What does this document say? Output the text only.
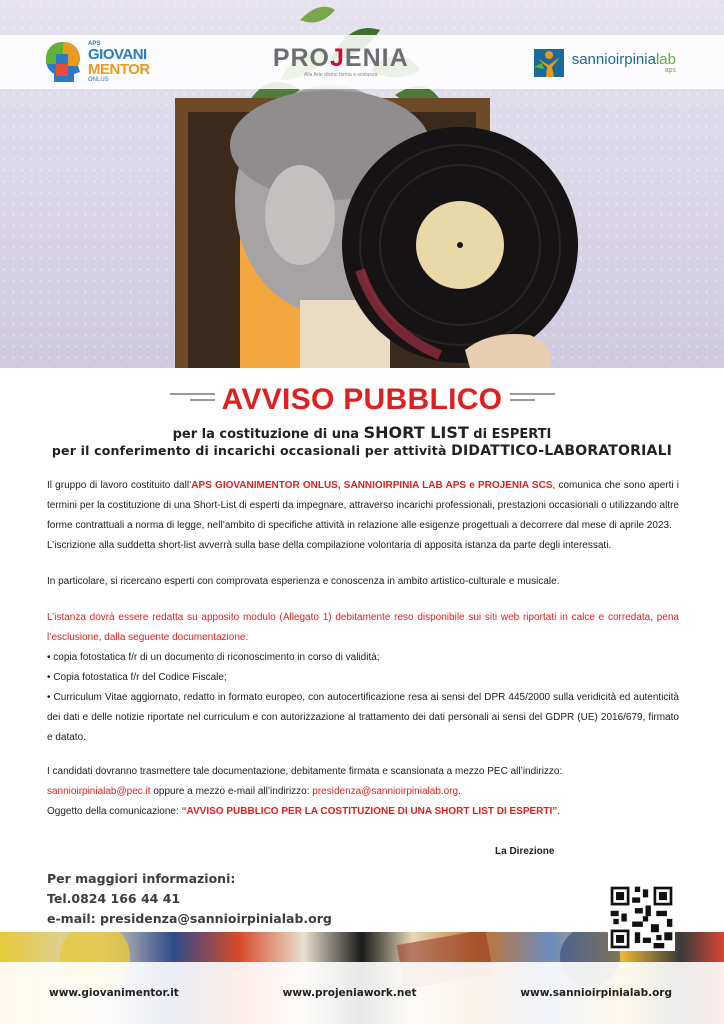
APS
GIOVANI
MENTOR
ONLUS
PROJENIA
Alla Arte diamo forma e sostanza
sannioirpinialab
aps
AVVISO PUBBLICO
per la costituzione di una SHORT LIST di ESPERTI
per il conferimento di incarichi occasionali per attività DIDATTICO-LABORATORIALI

Il gruppo di lavoro costituito dall’APS GIOVANIMENTOR ONLUS, SANNIOIRPINIA LAB APS e PROJENIA SCS, comunica che sono aperti i termini per la costituzione di una Short-List di esperti da impegnare, attraverso incarichi professionali, prestazioni occasionali o utilizzando altre forme contrattuali a norma di legge, nell’ambito di specifiche attività in relazione alle esigenze progettuali a decorrere dal mese di aprile 2023.

L’iscrizione alla suddetta short-list avverrà sulla base della compilazione volontaria di apposita istanza da parte degli interessati.

In particolare, si ricercano esperti con comprovata esperienza e conoscenza in ambito artistico-culturale e musicale.

L’istanza dovrà essere redatta su apposito modulo (Allegato 1) debitamente reso disponibile sui siti web riportati in calce e corredata, pena l’esclusione, dalla seguente documentazione:

• copia fotostatica f/r di un documento di riconoscimento in corso di validità;

• Copia fotostatica f/r del Codice Fiscale;

• Curriculum Vitae aggiornato, redatto in formato europeo, con autocertificazione resa ai sensi del DPR 445/2000 sulla veridicità ed autenticità dei dati e delle notizie riportate nel curriculum e con autorizzazione al trattamento dei dati personali ai sensi del GDPR (UE) 2016/679, firmato e datato.

I candidati dovranno trasmettere tale documentazione, debitamente firmata e scansionata a mezzo PEC all’indirizzo:

sannioirpinialab@pec.it oppure a mezzo e-mail all’indirizzo: presidenza@sannioirpinialab.org.

Oggetto della comunicazione: “AVVISO PUBBLICO PER LA COSTITUZIONE DI UNA SHORT LIST DI ESPERTI”.

La Direzione
Per maggiori informazioni:
Tel.0824 166 44 41
e-mail: presidenza@sannioirpinialab.org
www.giovanimentor.it	www.projeniawork.net	www.sannioirpinialab.org
